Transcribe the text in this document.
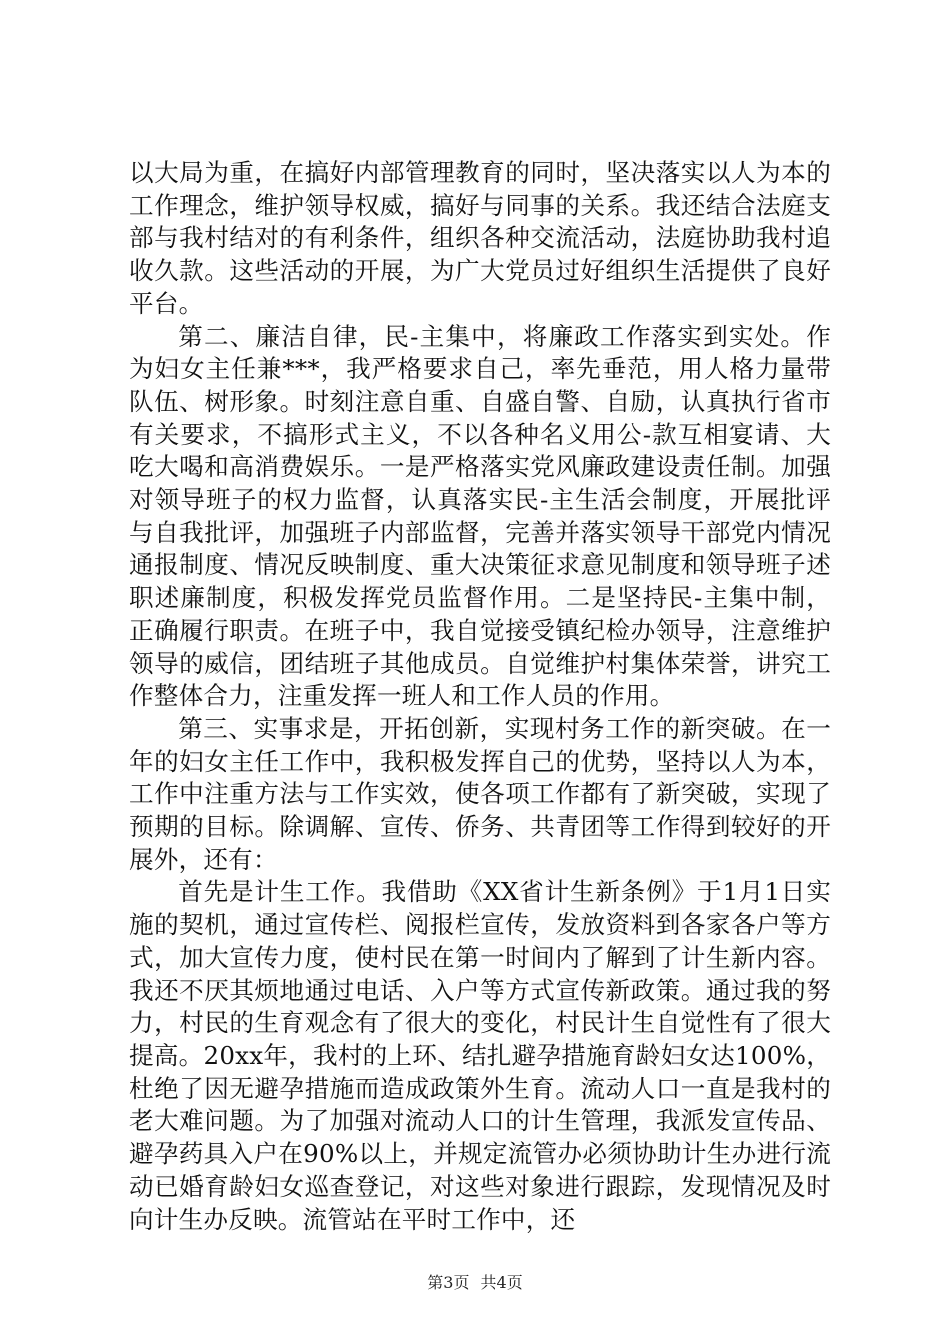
以大局为重，在搞好内部管理教育的同时，坚决落实以人为本的工作理念，维护领导权威，搞好与同事的关系。我还结合法庭支部与我村结对的有利条件，组织各种交流活动，法庭协助我村追收久款。这些活动的开展，为广大党员过好组织生活提供了良好平台。

第二、廉洁自律，民-主集中，将廉政工作落实到实处。作为妇女主任兼***，我严格要求自己，率先垂范，用人格力量带队伍、树形象。时刻注意自重、自盛自警、自励，认真执行省市有关要求，不搞形式主义，不以各种名义用公-款互相宴请、大吃大喝和高消费娱乐。一是严格落实党风廉政建设责任制。加强对领导班子的权力监督，认真落实民-主生活会制度，开展批评与自我批评，加强班子内部监督，完善并落实领导干部党内情况通报制度、情况反映制度、重大决策征求意见制度和领导班子述职述廉制度，积极发挥党员监督作用。二是坚持民-主集中制，正确履行职责。在班子中，我自觉接受镇纪检办领导，注意维护领导的威信，团结班子其他成员。自觉维护村集体荣誉，讲究工作整体合力，注重发挥一班人和工作人员的作用。

第三、实事求是，开拓创新，实现村务工作的新突破。在一年的妇女主任工作中，我积极发挥自己的优势，坚持以人为本，工作中注重方法与工作实效，使各项工作都有了新突破，实现了预期的目标。除调解、宣传、侨务、共青团等工作得到较好的开展外，还有：

首先是计生工作。我借助《XX省计生新条例》于1月1日实施的契机，通过宣传栏、阅报栏宣传，发放资料到各家各户等方式，加大宣传力度，使村民在第一时间内了解到了计生新内容。我还不厌其烦地通过电话、入户等方式宣传新政策。通过我的努力，村民的生育观念有了很大的变化，村民计生自觉性有了很大提高。20xx年，我村的上环、结扎避孕措施育龄妇女达100%，杜绝了因无避孕措施而造成政策外生育。流动人口一直是我村的老大难问题。为了加强对流动人口的计生管理，我派发宣传品、避孕药具入户在90%以上，并规定流管办必须协助计生办进行流动已婚育龄妇女巡查登记，对这些对象进行跟踪，发现情况及时向计生办反映。流管站在平时工作中，还

第3页 共4页
